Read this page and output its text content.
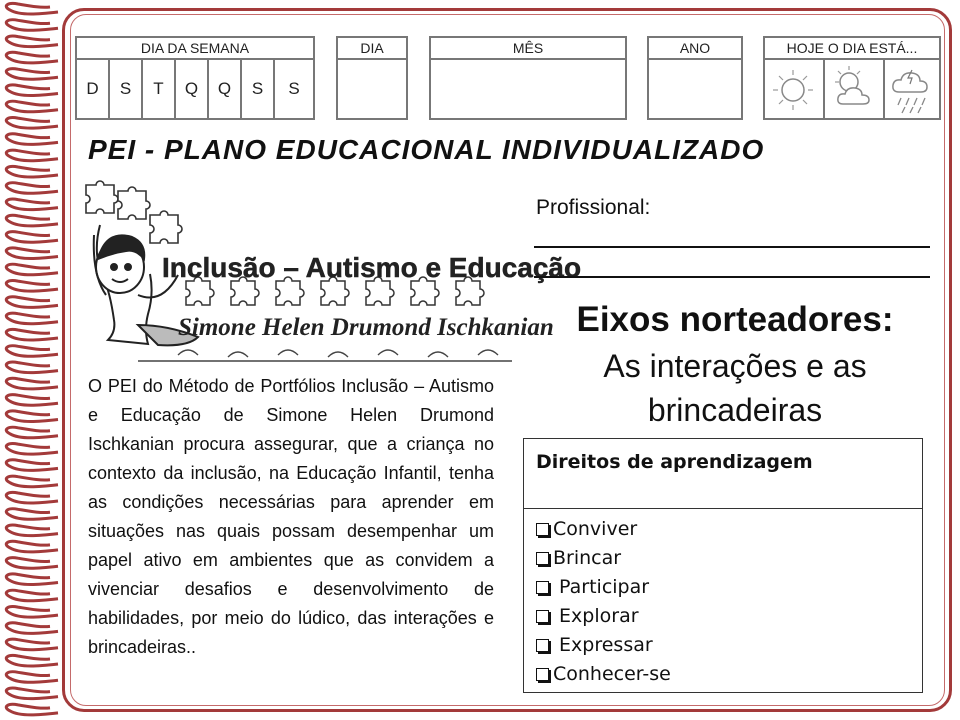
DIA DA SEMANA
D	S	T	Q	Q	S	S
DIA	MÊS	ANO	HOJE O DIA ESTÁ...
PEI - PLANO EDUCACIONAL INDIVIDUALIZADO
Inclusão – Autismo e Educação
Simone Helen Drumond Ischkanian
Profissional:
Eixos norteadores:
As interações e as
brincadeiras
O PEI do Método de Portfólios Inclusão – Autismo e Educação de Simone Helen Drumond Ischkanian procura assegurar, que a criança no contexto da inclusão, na Educação Infantil, tenha as condições necessárias para aprender em situações nas quais possam desempenhar um papel ativo em ambientes que as convidem a vivenciar desafios e desenvolvimento de habilidades, por meio do lúdico, das interações e brincadeiras..
Direitos de aprendizagem
Conviver
Brincar
Participar
Explorar
Expressar
Conhecer-se
